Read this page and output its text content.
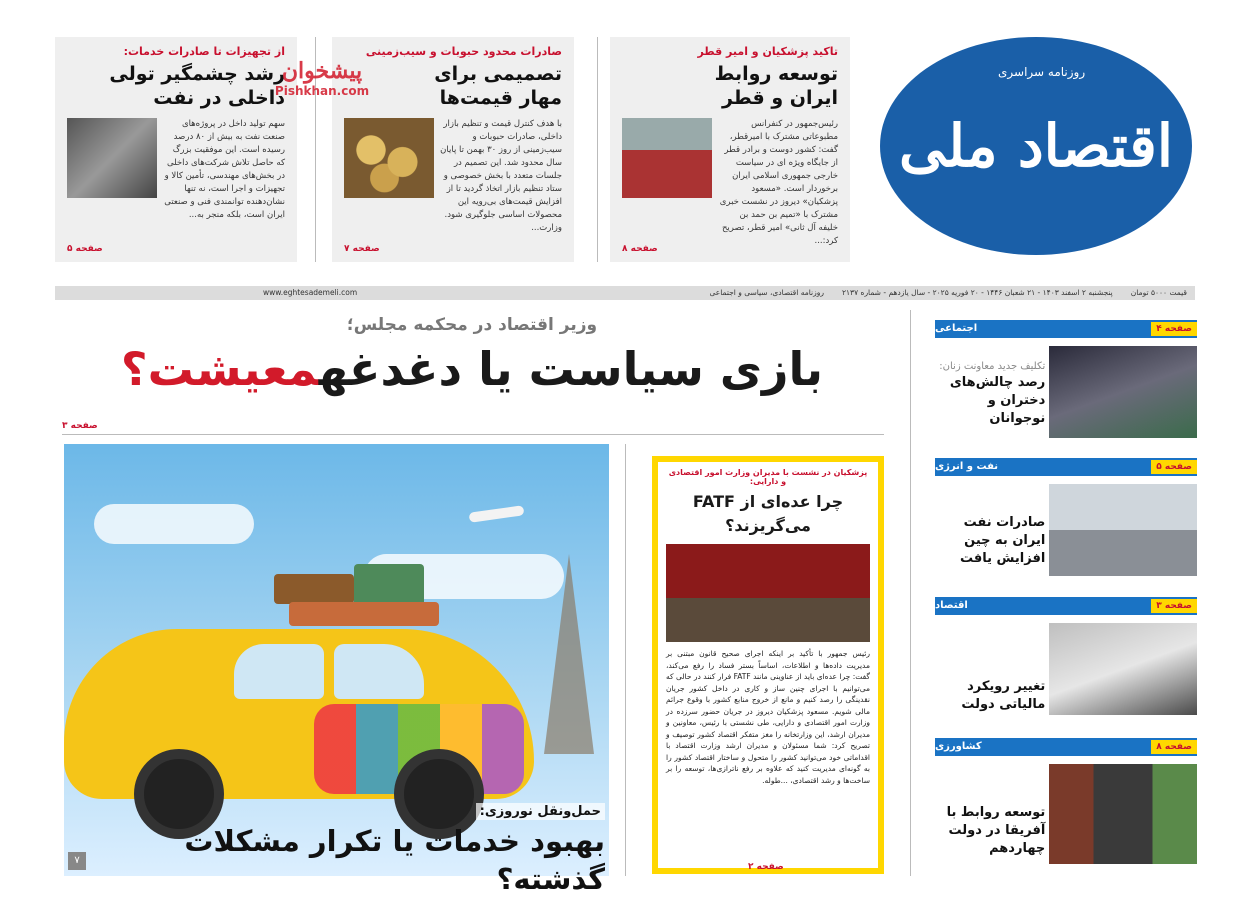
از تجهیزات تا صادرات خدمات:
رشد چشمگیر تولی
داخلی در نفت
سهم تولید داخل در پروژه‌های صنعت نفت به بیش از ۸۰ درصد رسیده است. این موفقیت بزرگ که حاصل تلاش شرکت‌های داخلی در بخش‌های مهندسی، تأمین کالا و تجهیزات و اجرا است، نه تنها نشان‌دهنده توانمندی فنی و صنعتی ایران است، بلکه منجر به...
صفحه ۵
صادرات محدود حبوبات و سیب‌زمینی
تصمیمی برای
مهار قیمت‌ها
با هدف کنترل قیمت و تنظیم بازار داخلی، صادرات حبوبات و سیب‌زمینی از روز ۳۰ بهمن تا پایان سال محدود شد. این تصمیم در جلسات متعدد با بخش خصوصی و ستاد تنظیم بازار اتخاذ گردید تا از افزایش قیمت‌های بی‌رویه این محصولات اساسی جلوگیری شود. وزارت...
صفحه ۷
تاکید پزشکیان و امیر قطر
توسعه روابط
ایران و قطر
رئیس‌جمهور در کنفرانس مطبوعاتی مشترک با امیرقطر، گفت: کشور دوست و برادر قطر از جایگاه ویژه ای در سیاست خارجی جمهوری اسلامی ایران برخوردار است. «مسعود پزشکیان» دیروز در نشست خبری مشترک با «تمیم بن حمد بن خلیفه آل ثانی» امیر قطر، تصریح کرد:...
صفحه ۸
پیشخوان
Pishkhan.com
روزنامه سراسری
اقتصاد ملی
روزنامه اقتصادی، سیاسی و اجتماعی پنجشنبه ۲ اسفند ۱۴۰۳ - ۲۱ شعبان ۱۴۴۶ - ۲۰ فوریه ۲۰۲۵ - سال یازدهم - شماره ۲۱۳۷ قیمت ۵۰۰۰ تومان
www.eghtesademeli.com
وزیر اقتصاد در محکمه مجلس؛
بازی سیاست یا دغدغهمعیشت؟
صفحه ۳
حمل‌ونقل نوروزی:
بهبود خدمات یا تکرار مشکلات گذشته؟
۷
پزشکیان در نشست با مدیران وزارت امور اقتصادی و دارایی:
چرا عده‌ای از FATF
می‌گریزند؟
رئیس جمهور با تأکید بر اینکه اجرای صحیح قانون مبتنی بر مدیریت داده‌ها و اطلاعات، اساساً بستر فساد را رفع می‌کند، گفت: چرا عده‌ای باید از عناوینی مانند FATF فرار کنند در حالی که می‌توانیم با اجرای چنین ساز و کاری در داخل کشور جریان نقدینگی را رصد کنیم و مانع از خروج منابع کشور با وقوع جرائم مالی شویم. مسعود پزشکیان دیروز در جریان حضور سرزده در وزارت امور اقتصادی و دارایی، طی نشستی با رئیس، معاونین و مدیران ارشد، این وزارتخانه را مغز متفکر اقتصاد کشور توصیف و تصریح کرد: شما مسئولان و مدیران ارشد وزارت اقتصاد با اقداماتی خود می‌توانید کشور را متحول و ساختار اقتصاد کشور را به گونه‌ای مدیریت کنید که علاوه بر رفع ناترازی‌ها، توسعه را بر ساخت‌ها و رشد اقتصادی، ...طوله.
صفحه ۲
اجتماعی	صفحه ۴
تکلیف جدید معاونت زنان:
رصد چالش‌های دختران و نوجوانان
نفت و انرژی	صفحه ۵
صادرات نفت ایران به چین افزایش یافت
اقتصاد	صفحه ۳
تغییر رویکرد مالیاتی دولت
کشاورزی	صفحه ۸
توسعه روابط با آفریقا در دولت چهاردهم
